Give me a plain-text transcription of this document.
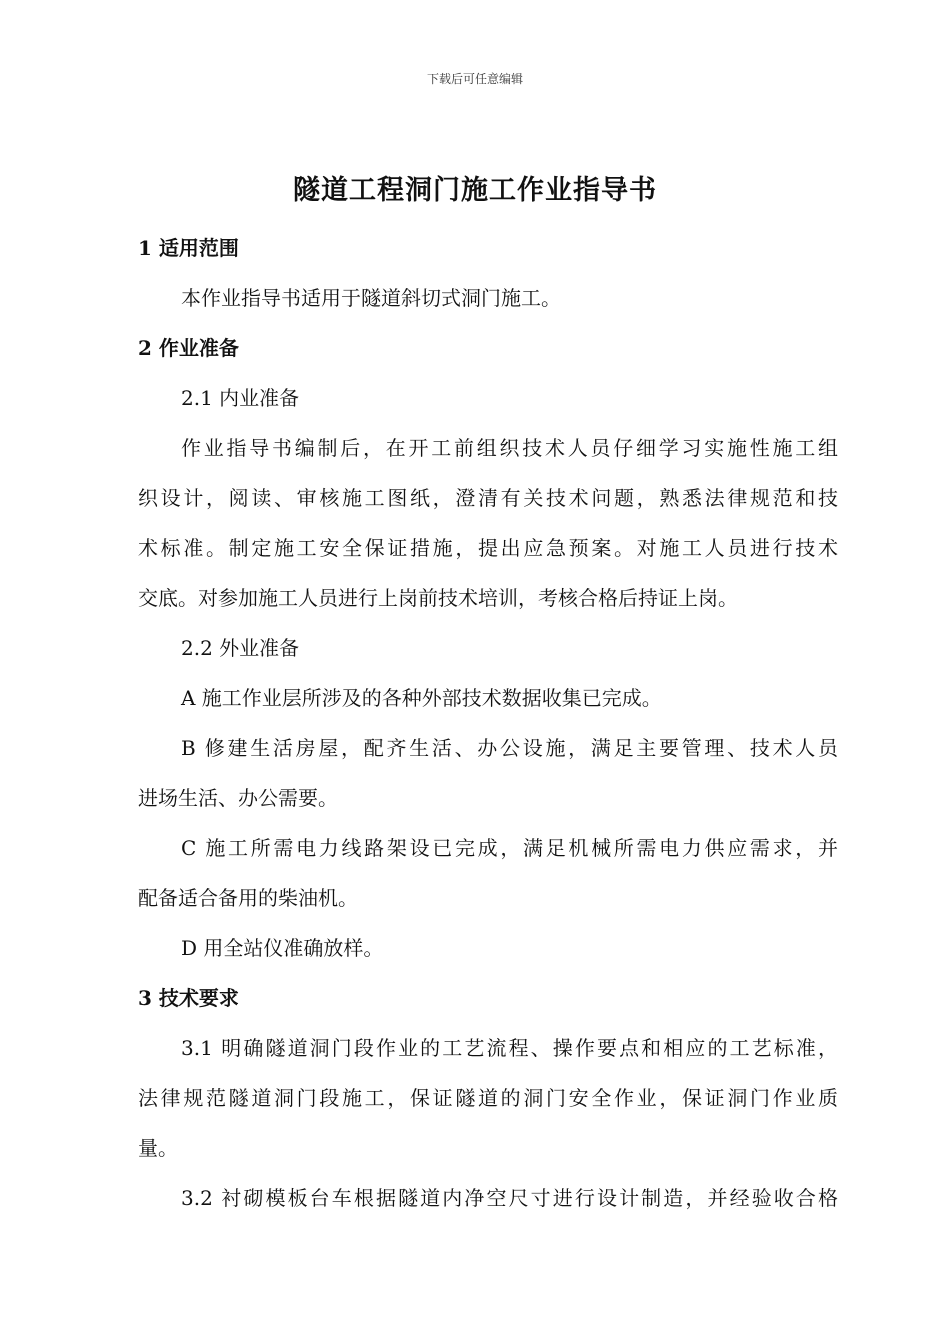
下载后可任意编辑
隧道工程洞门施工作业指导书
1 适用范围
本作业指导书适用于隧道斜切式洞门施工。
2 作业准备
2.1 内业准备
作业指导书编制后，在开工前组织技术人员仔细学习实施性施工组
织设计，阅读、审核施工图纸，澄清有关技术问题，熟悉法律规范和技
术标准。制定施工安全保证措施，提出应急预案。对施工人员进行技术
交底。对参加施工人员进行上岗前技术培训，考核合格后持证上岗。
2.2 外业准备
A 施工作业层所涉及的各种外部技术数据收集已完成。
B 修建生活房屋，配齐生活、办公设施，满足主要管理、技术人员
进场生活、办公需要。
C 施工所需电力线路架设已完成，满足机械所需电力供应需求，并
配备适合备用的柴油机。
D 用全站仪准确放样。
3 技术要求
3.1 明确隧道洞门段作业的工艺流程、操作要点和相应的工艺标准，
法律规范隧道洞门段施工，保证隧道的洞门安全作业，保证洞门作业质
量。
3.2 衬砌模板台车根据隧道内净空尺寸进行设计制造，并经验收合格
